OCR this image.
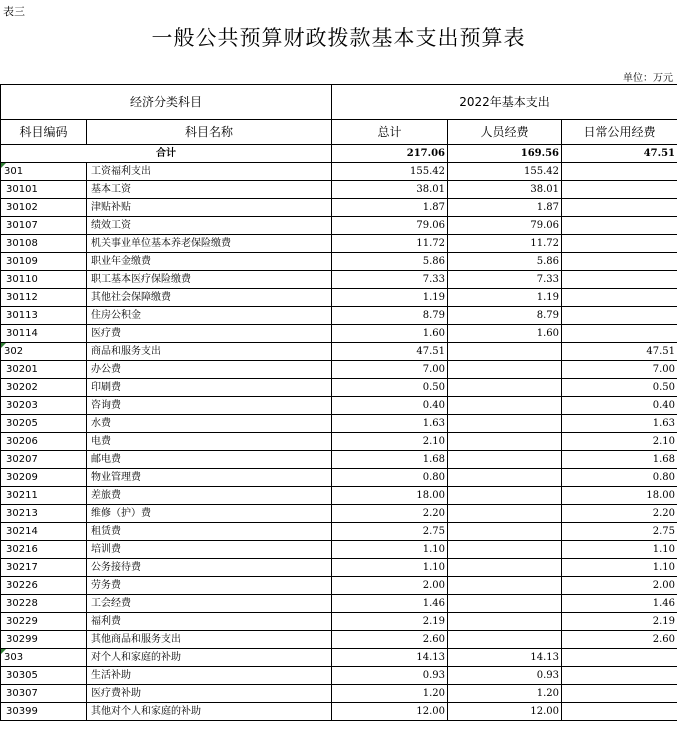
表三
一般公共预算财政拨款基本支出预算表
单位：万元
经济分类科目		2022年基本支出		
科目编码	科目名称	总计	人员经费	日常公用经费
合计		217.06	169.56	47.51
301	工资福利支出	155.42	155.42	
30101	基本工资	38.01	38.01	
30102	津贴补贴	1.87	1.87	
30107	绩效工资	79.06	79.06	
30108	机关事业单位基本养老保险缴费	11.72	11.72	
30109	职业年金缴费	5.86	5.86	
30110	职工基本医疗保险缴费	7.33	7.33	
30112	其他社会保障缴费	1.19	1.19	
30113	住房公积金	8.79	8.79	
30114	医疗费	1.60	1.60	
302	商品和服务支出	47.51		47.51
30201	办公费	7.00		7.00
30202	印刷费	0.50		0.50
30203	咨询费	0.40		0.40
30205	水费	1.63		1.63
30206	电费	2.10		2.10
30207	邮电费	1.68		1.68
30209	物业管理费	0.80		0.80
30211	差旅费	18.00		18.00
30213	维修（护）费	2.20		2.20
30214	租赁费	2.75		2.75
30216	培训费	1.10		1.10
30217	公务接待费	1.10		1.10
30226	劳务费	2.00		2.00
30228	工会经费	1.46		1.46
30229	福利费	2.19		2.19
30299	其他商品和服务支出	2.60		2.60
303	对个人和家庭的补助	14.13	14.13	
30305	生活补助	0.93	0.93	
30307	医疗费补助	1.20	1.20	
30399	其他对个人和家庭的补助	12.00	12.00	
